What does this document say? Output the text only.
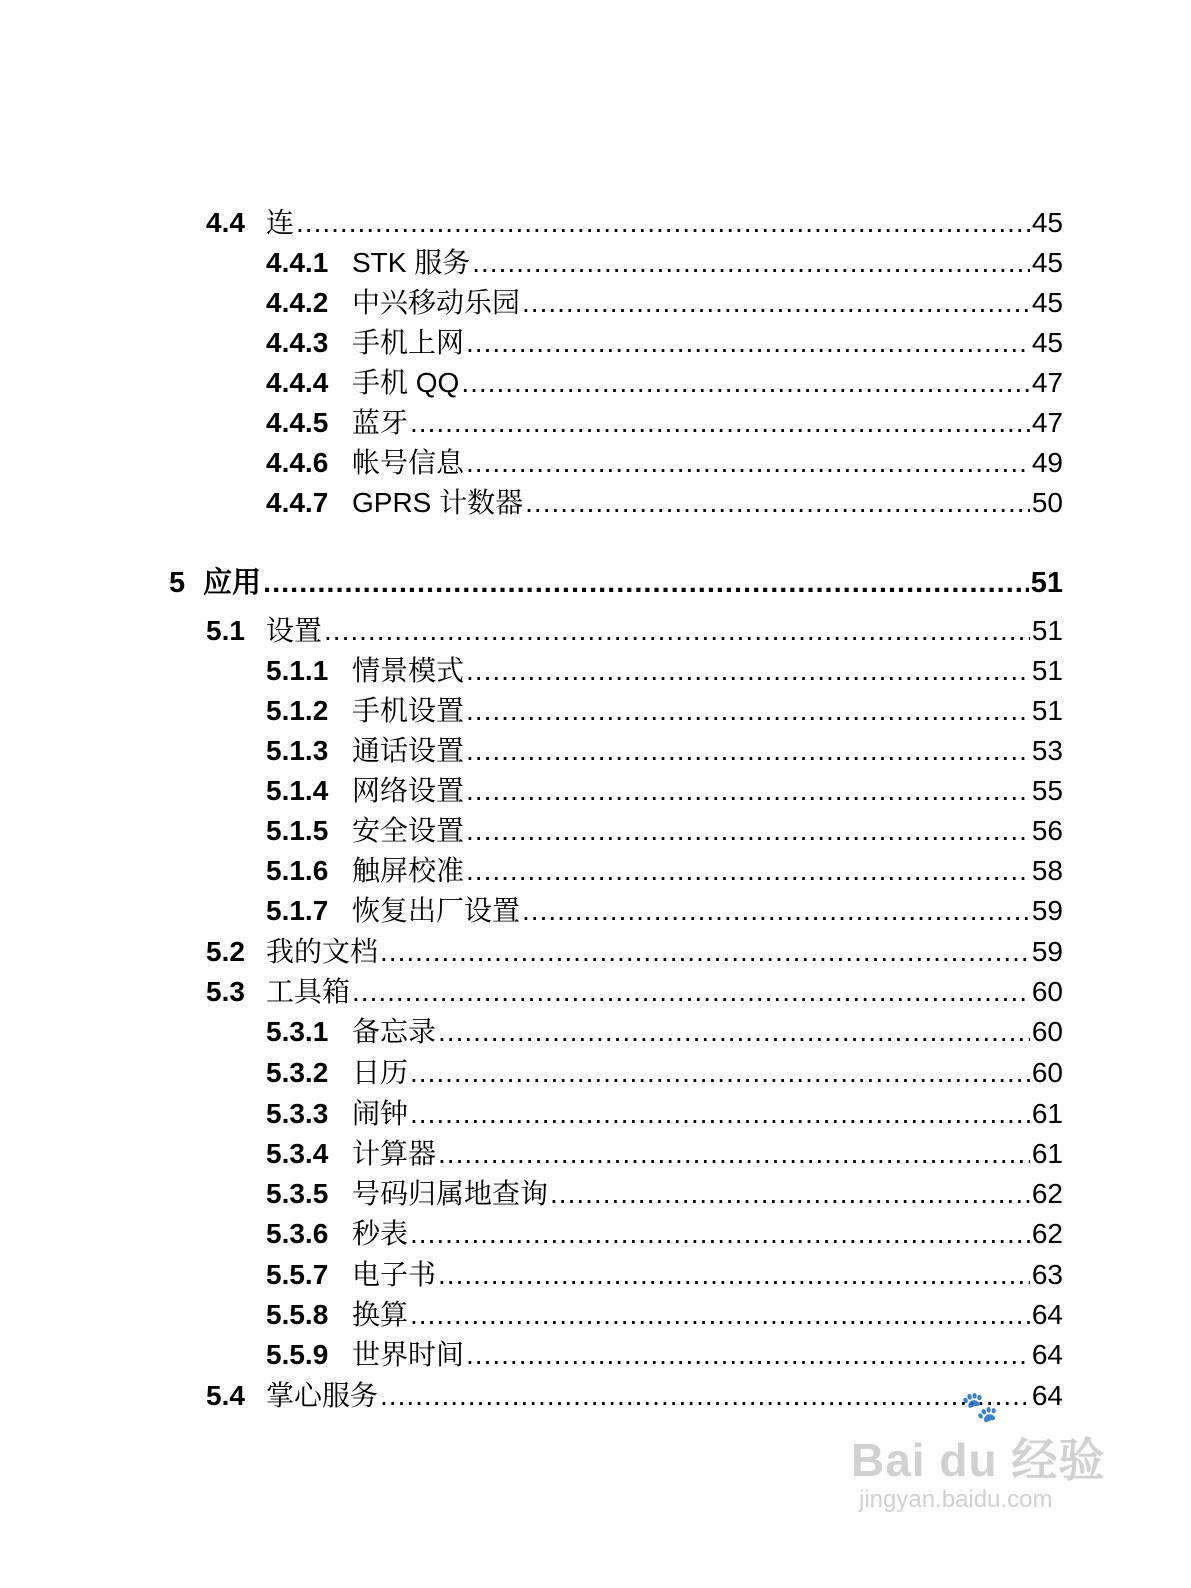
4.4 连 .....	45
4.4.1 STK 服务 .....	45
4.4.2 中兴移动乐园 .....	45
4.4.3 手机上网 .....	45
4.4.4 手机 QQ .....	47
4.4.5 蓝牙 .....	47
4.4.6 帐号信息 .....	49
4.4.7 GPRS 计数器 .....	50
5 应用 .....	51
5.1 设置 .....	51
5.1.1 情景模式 .....	51
5.1.2 手机设置 .....	51
5.1.3 通话设置 .....	53
5.1.4 网络设置 .....	55
5.1.5 安全设置 .....	56
5.1.6 触屏校准 .....	58
5.1.7 恢复出厂设置 .....	59
5.2 我的文档 .....	59
5.3 工具箱 .....	60
5.3.1 备忘录 .....	60
5.3.2 日历 .....	60
5.3.3 闹钟 .....	61
5.3.4 计算器 .....	61
5.3.5 号码归属地查询 .....	62
5.3.6 秒表 .....	62
5.5.7 电子书 .....	63
5.5.8 换算 .....	64
5.5.9 世界时间 .....	64
5.4 掌心服务 .....	64
🐾
Bai du 经验
jingyan.baidu.com
